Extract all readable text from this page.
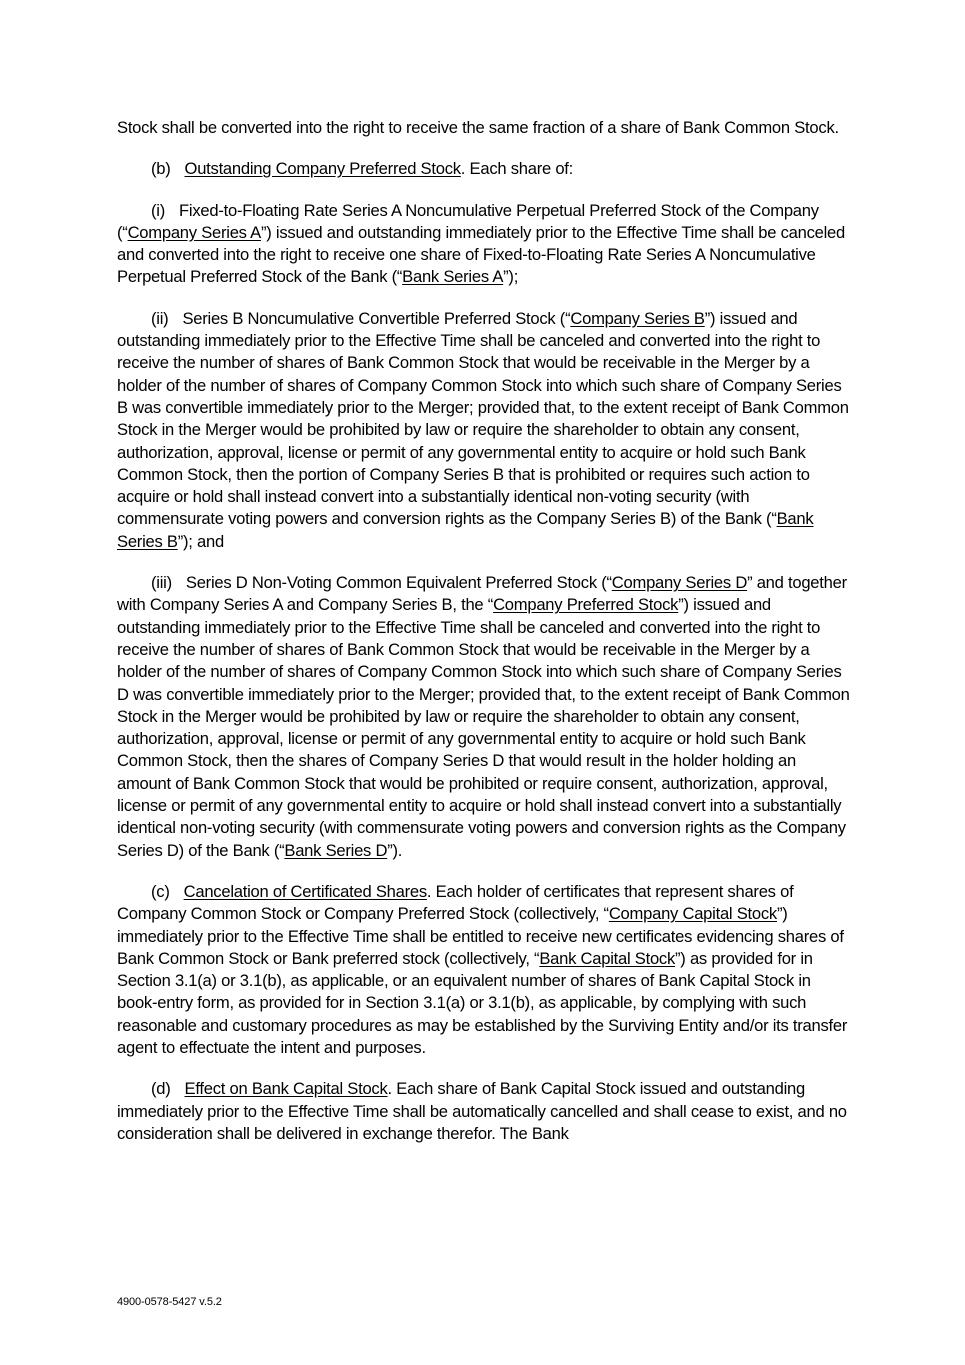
Stock shall be converted into the right to receive the same fraction of a share of Bank Common Stock.

(b) Outstanding Company Preferred Stock. Each share of:

(i) Fixed-to-Floating Rate Series A Noncumulative Perpetual Preferred Stock of the Company (“Company Series A”) issued and outstanding immediately prior to the Effective Time shall be canceled and converted into the right to receive one share of Fixed-to-Floating Rate Series A Noncumulative Perpetual Preferred Stock of the Bank (“Bank Series A”);

(ii) Series B Noncumulative Convertible Preferred Stock (“Company Series B”) issued and outstanding immediately prior to the Effective Time shall be canceled and converted into the right to receive the number of shares of Bank Common Stock that would be receivable in the Merger by a holder of the number of shares of Company Common Stock into which such share of Company Series B was convertible immediately prior to the Merger; provided that, to the extent receipt of Bank Common Stock in the Merger would be prohibited by law or require the shareholder to obtain any consent, authorization, approval, license or permit of any governmental entity to acquire or hold such Bank Common Stock, then the portion of Company Series B that is prohibited or requires such action to acquire or hold shall instead convert into a substantially identical non-voting security (with commensurate voting powers and conversion rights as the Company Series B) of the Bank (“Bank Series B”); and

(iii) Series D Non-Voting Common Equivalent Preferred Stock (“Company Series D” and together with Company Series A and Company Series B, the “Company Preferred Stock”) issued and outstanding immediately prior to the Effective Time shall be canceled and converted into the right to receive the number of shares of Bank Common Stock that would be receivable in the Merger by a holder of the number of shares of Company Common Stock into which such share of Company Series D was convertible immediately prior to the Merger; provided that, to the extent receipt of Bank Common Stock in the Merger would be prohibited by law or require the shareholder to obtain any consent, authorization, approval, license or permit of any governmental entity to acquire or hold such Bank Common Stock, then the shares of Company Series D that would result in the holder holding an amount of Bank Common Stock that would be prohibited or require consent, authorization, approval, license or permit of any governmental entity to acquire or hold shall instead convert into a substantially identical non-voting security (with commensurate voting powers and conversion rights as the Company Series D) of the Bank (“Bank Series D”).

(c) Cancelation of Certificated Shares. Each holder of certificates that represent shares of Company Common Stock or Company Preferred Stock (collectively, “Company Capital Stock”) immediately prior to the Effective Time shall be entitled to receive new certificates evidencing shares of Bank Common Stock or Bank preferred stock (collectively, “Bank Capital Stock”) as provided for in Section 3.1(a) or 3.1(b), as applicable, or an equivalent number of shares of Bank Capital Stock in book-entry form, as provided for in Section 3.1(a) or 3.1(b), as applicable, by complying with such reasonable and customary procedures as may be established by the Surviving Entity and/or its transfer agent to effectuate the intent and purposes.

(d) Effect on Bank Capital Stock. Each share of Bank Capital Stock issued and outstanding immediately prior to the Effective Time shall be automatically cancelled and shall cease to exist, and no consideration shall be delivered in exchange therefor. The Bank

4900-0578-5427 v.5.2
